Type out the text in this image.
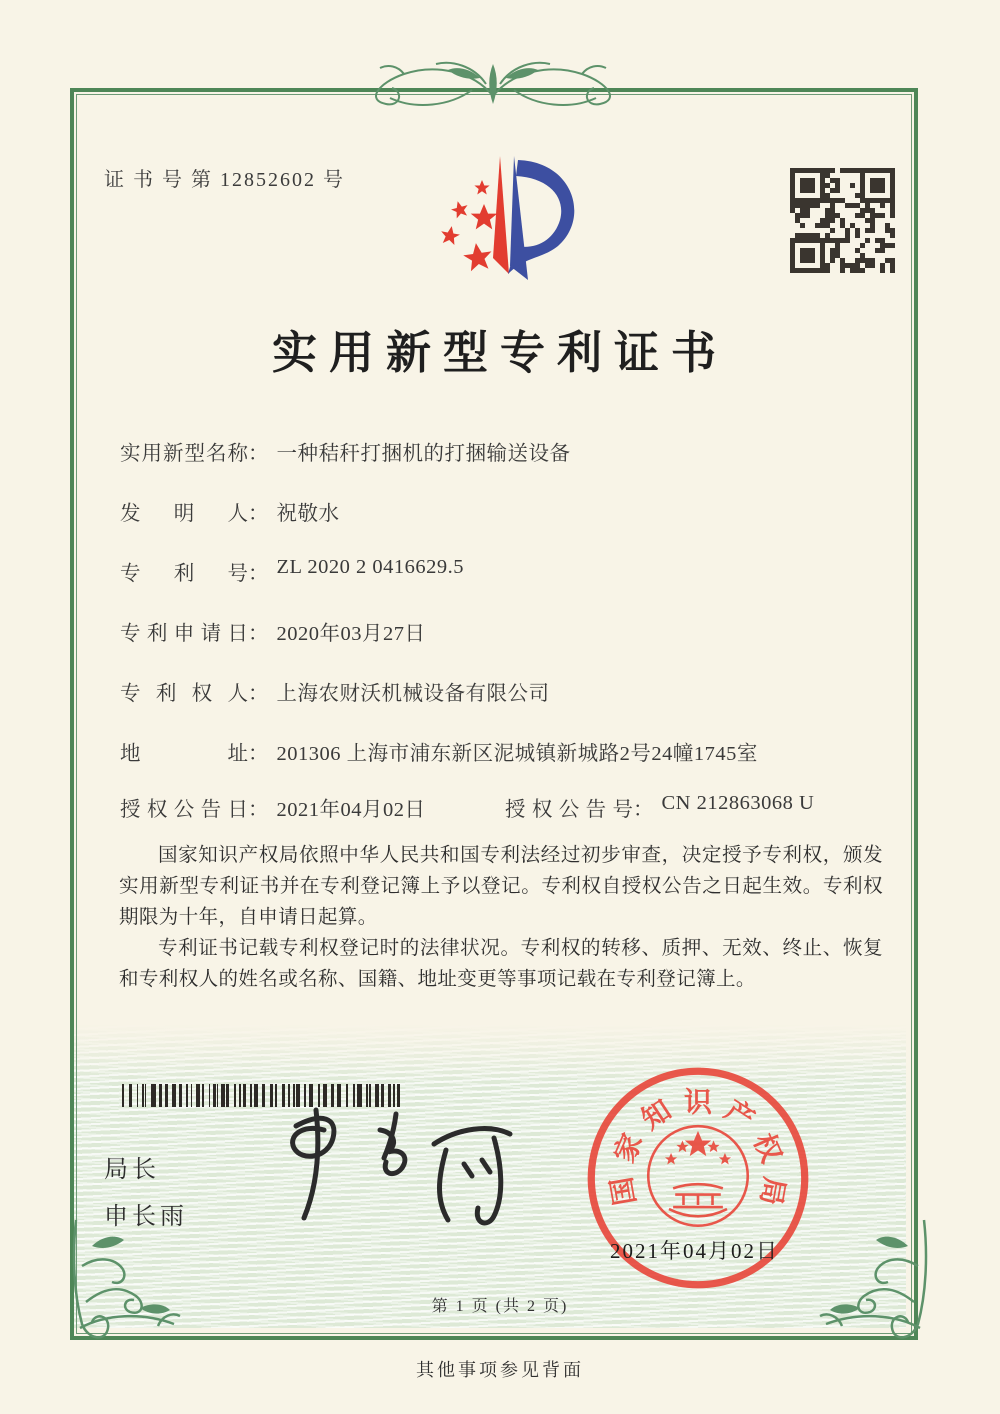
证 书 号 第 12852602 号
实用新型专利证书
实用新型名称： 一种秸秆打捆机的打捆输送设备
发明人： 祝敬水
专利号： ZL 2020 2 0416629.5
专利申请日： 2020年03月27日
专利权人： 上海农财沃机械设备有限公司
地址： 201306 上海市浦东新区泥城镇新城路2号24幢1745室
授权公告日： 2021年04月02日	授权公告号： CN 212863068 U

国家知识产权局依照中华人民共和国专利法经过初步审查，决定授予专利权，颁发实用新型专利证书并在专利登记簿上予以登记。专利权自授权公告之日起生效。专利权期限为十年，自申请日起算。

专利证书记载专利权登记时的法律状况。专利权的转移、质押、无效、终止、恢复和专利权人的姓名或名称、国籍、地址变更等事项记载在专利登记簿上。

局长
申长雨
国
家
知 识 产
权
局
2021年04月02日
第 1 页 (共 2 页)
其他事项参见背面
